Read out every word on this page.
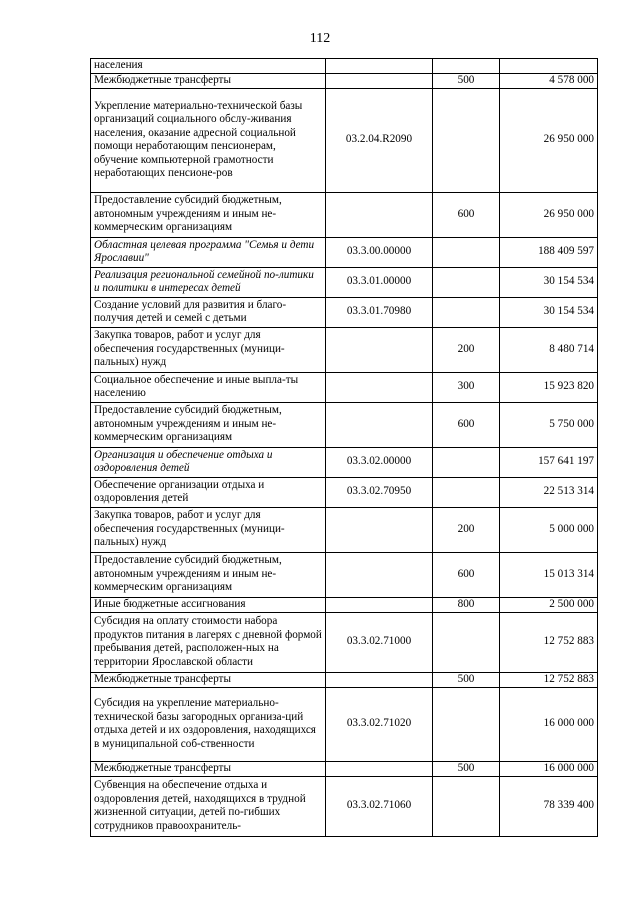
112
населения			
Межбюджетные трансферты		500	4 578 000
Укрепление материально-технической базы организаций социального обслу-живания населения, оказание адресной социальной помощи неработающим пенсионерам, обучение компьютерной грамотности неработающих пенсионе-ров	03.2.04.R2090		26 950 000
Предоставление субсидий бюджетным, автономным учреждениям и иным не-коммерческим организациям		600	26 950 000
Областная целевая программа "Семья и дети Ярославии"	03.3.00.00000		188 409 597
Реализация региональной семейной по-литики и политики в интересах детей	03.3.01.00000		30 154 534
Создание условий для развития и благо-получия детей и семей с детьми	03.3.01.70980		30 154 534
Закупка товаров, работ и услуг для обеспечения государственных (муници-пальных) нужд		200	8 480 714
Социальное обеспечение и иные выпла-ты населению		300	15 923 820
Предоставление субсидий бюджетным, автономным учреждениям и иным не-коммерческим организациям		600	5 750 000
Организация и обеспечение отдыха и оздоровления детей	03.3.02.00000		157 641 197
Обеспечение организации отдыха и оздоровления детей	03.3.02.70950		22 513 314
Закупка товаров, работ и услуг для обеспечения государственных (муници-пальных) нужд		200	5 000 000
Предоставление субсидий бюджетным, автономным учреждениям и иным не-коммерческим организациям		600	15 013 314
Иные бюджетные ассигнования		800	2 500 000
Субсидия на оплату стоимости набора продуктов питания в лагерях с дневной формой пребывания детей, расположен-ных на территории Ярославской области	03.3.02.71000		12 752 883
Межбюджетные трансферты		500	12 752 883
Субсидия на укрепление материально-технической базы загородных организа-ций отдыха детей и их оздоровления, находящихся в муниципальной соб-ственности	03.3.02.71020		16 000 000
Межбюджетные трансферты		500	16 000 000
Субвенция на обеспечение отдыха и оздоровления детей, находящихся в трудной жизненной ситуации, детей по-гибших сотрудников правоохранитель-	03.3.02.71060		78 339 400
